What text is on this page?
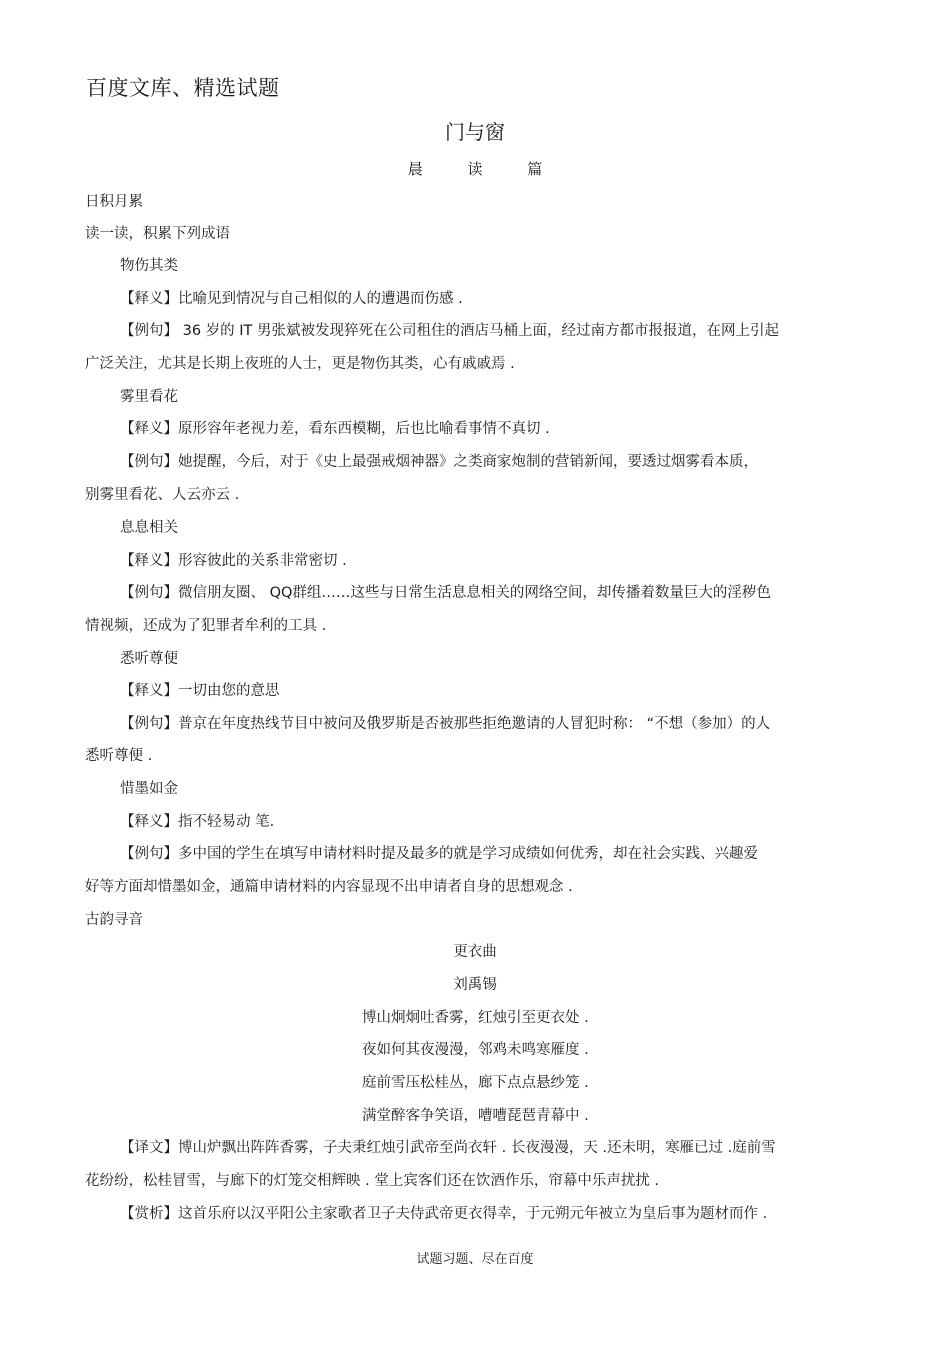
百度文库、精选试题
门与窗
晨 读 篇
日积月累
读一读，积累下列成语
物伤其类
【释义】比喻见到情况与自己相似的人的遭遇而伤感 .
【例句】 36 岁的 IT 男张斌被发现猝死在公司租住的酒店马桶上面，经过南方都市报报道，在网上引起
广泛关注，尤其是长期上夜班的人士，更是物伤其类，心有戚戚焉 .
雾里看花
【释义】原形容年老视力差，看东西模糊，后也比喻看事情不真切 .
【例句】她提醒，今后，对于《史上最强戒烟神器》之类商家炮制的营销新闻，要透过烟雾看本质，
别雾里看花、人云亦云 .
息息相关
【释义】形容彼此的关系非常密切 .
【例句】微信朋友圈、 QQ群组……这些与日常生活息息相关的网络空间，却传播着数量巨大的淫秽色
情视频，还成为了犯罪者牟利的工具 .
悉听尊便
【释义】一切由您的意思
【例句】普京在年度热线节目中被问及俄罗斯是否被那些拒绝邀请的人冒犯时称： “不想（参加）的人
悉听尊便 .
惜墨如金
【释义】指不轻易动 笔.
【例句】多中国的学生在填写申请材料时提及最多的就是学习成绩如何优秀，却在社会实践、兴趣爱
好等方面却惜墨如金，通篇申请材料的内容显现不出申请者自身的思想观念 .
古韵寻音
更衣曲
刘禹锡
博山炯炯吐香雾，红烛引至更衣处 .
夜如何其夜漫漫，邻鸡未鸣寒雁度 .
庭前雪压松桂丛，廊下点点悬纱笼 .
满堂醉客争笑语，嘈嘈琵琶青幕中 .
【译文】博山炉飘出阵阵香雾，子夫秉红烛引武帝至尚衣轩 . 长夜漫漫，天 .还未明，寒雁已过 .庭前雪
花纷纷，松桂冒雪，与廊下的灯笼交相辉映 . 堂上宾客们还在饮酒作乐，帘幕中乐声扰扰 .
【赏析】这首乐府以汉平阳公主家歌者卫子夫侍武帝更衣得幸，于元朔元年被立为皇后事为题材而作 .
试题习题、尽在百度
